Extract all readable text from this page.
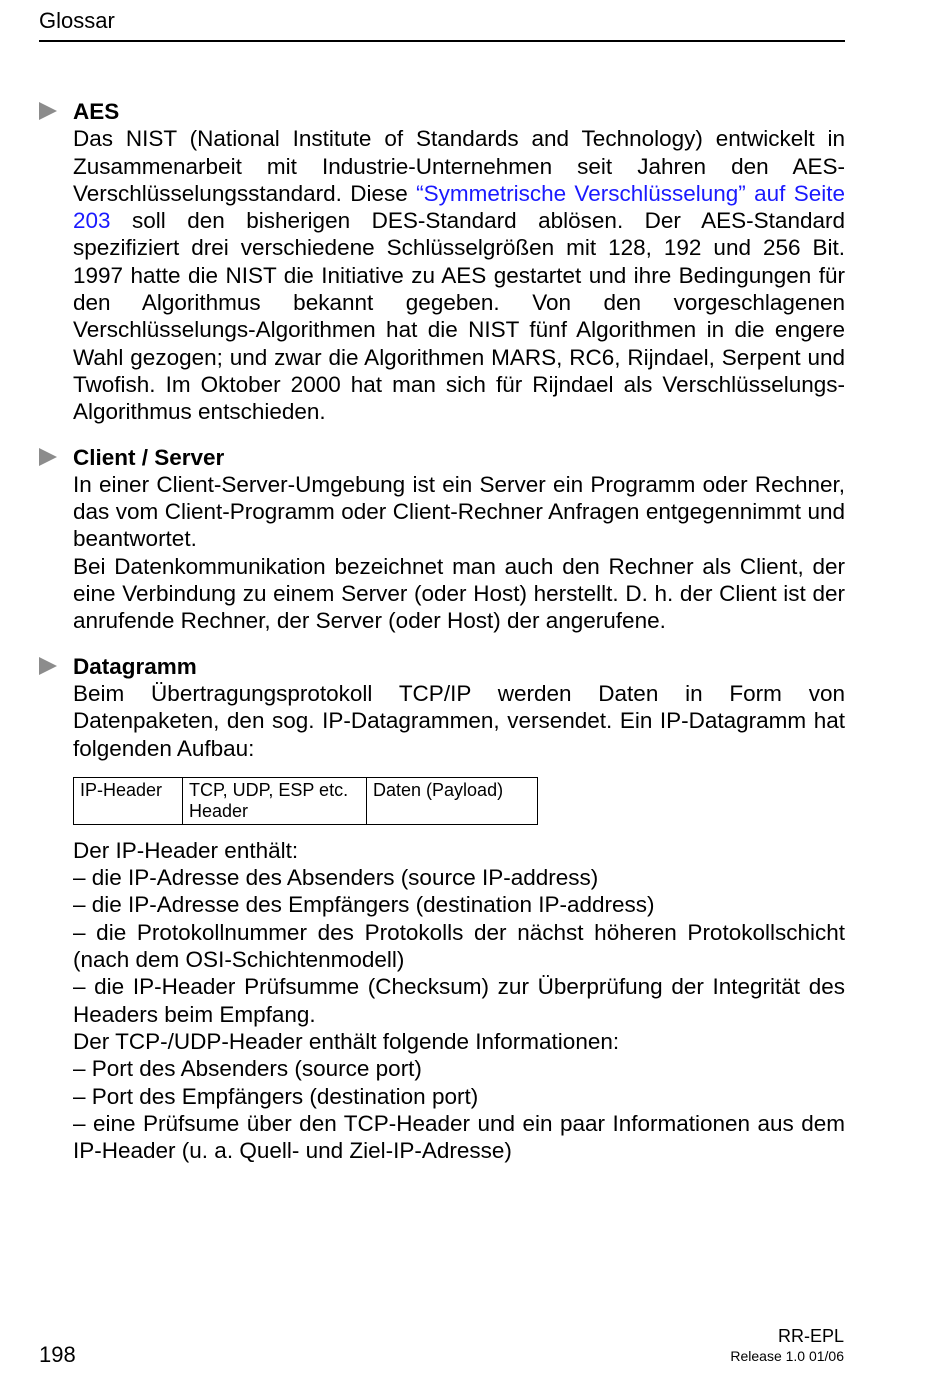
Glossar
AES
Das NIST (National Institute of Standards and Technology) entwickelt in Zusammenarbeit mit Industrie-Unternehmen seit Jahren den AES-Verschlüsselungsstandard. Diese “Symmetrische Verschlüsselung” auf Seite 203 soll den bisherigen DES-Standard ablösen. Der AES-Standard spezifiziert drei verschiedene Schlüsselgrößen mit 128, 192 und 256 Bit. 1997 hatte die NIST die Initiative zu AES gestartet und ihre Bedingungen für den Algorithmus bekannt gegeben. Von den vorgeschlagenen Verschlüsselungs-Algorithmen hat die NIST fünf Algorithmen in die engere Wahl gezogen; und zwar die Algorithmen MARS, RC6, Rijndael, Serpent und Twofish. Im Oktober 2000 hat man sich für Rijndael als Verschlüsselungs-Algorithmus entschieden.
Client / Server
In einer Client-Server-Umgebung ist ein Server ein Programm oder Rechner, das vom Client-Programm oder Client-Rechner Anfragen entgegennimmt und beantwortet.
Bei Datenkommunikation bezeichnet man auch den Rechner als Client, der eine Verbindung zu einem Server (oder Host) herstellt. D. h. der Client ist der anrufende Rechner, der Server (oder Host) der angerufene.
Datagramm
Beim Übertragungsprotokoll TCP/IP werden Daten in Form von Datenpaketen, den sog. IP-Datagrammen, versendet. Ein IP-Datagramm hat folgenden Aufbau:
IP-Header	TCP, UDP, ESP etc. Header	Daten (Payload)
Der IP-Header enthält:
– die IP-Adresse des Absenders (source IP-address)
– die IP-Adresse des Empfängers (destination IP-address)
– die Protokollnummer des Protokolls der nächst höheren Protokollschicht (nach dem OSI-Schichtenmodell)
– die IP-Header Prüfsumme (Checksum) zur Überprüfung der Integrität des Headers beim Empfang.
Der TCP-/UDP-Header enthält folgende Informationen:
– Port des Absenders (source port)
– Port des Empfängers (destination port)
– eine Prüfsume über den TCP-Header und ein paar Informationen aus dem IP-Header (u. a. Quell- und Ziel-IP-Adresse)
198
RR-EPL
Release 1.0 01/06
